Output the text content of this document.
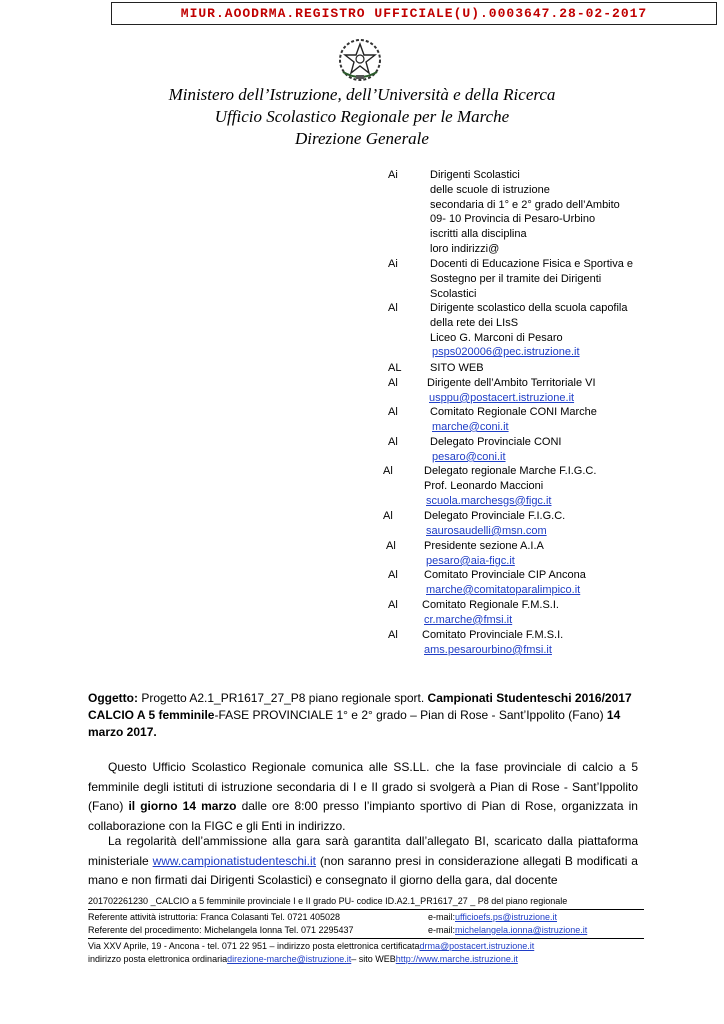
MIUR.AOODRMA.REGISTRO UFFICIALE(U).0003647.28-02-2017
Ministero dell’Istruzione, dell’Università e della Ricerca
Ufficio Scolastico Regionale per le Marche
Direzione Generale
Ai	Dirigenti Scolastici
delle scuole di istruzione
secondaria di 1° e 2° grado dell’Ambito
09- 10 Provincia di Pesaro-Urbino
iscritti alla disciplina
loro indirizzi@
Ai	Docenti di Educazione Fisica e Sportiva e
Sostegno per il tramite dei Dirigenti
Scolastici
Al	Dirigente scolastico della scuola capofila
della rete dei LIsS
Liceo G. Marconi di Pesaro
psps020006@pec.istruzione.it
AL	SITO WEB
Al	Dirigente dell’Ambito Territoriale VI
usppu@postacert.istruzione.it
Al	Comitato Regionale CONI Marche
marche@coni.it
Al	Delegato Provinciale CONI
pesaro@coni.it
Al	Delegato regionale Marche F.I.G.C.
Prof. Leonardo Maccioni
scuola.marchesgs@figc.it
Al	Delegato Provinciale F.I.G.C.
saurosaudelli@msn.com
Al	Presidente sezione A.I.A
pesaro@aia-figc.it
Al	Comitato Provinciale CIP Ancona
marche@comitatoparalimpico.it
Al	Comitato Regionale F.M.S.I.
cr.marche@fmsi.it
Al	Comitato Provinciale F.M.S.I.
ams.pesarourbino@fmsi.it
Oggetto: Progetto A2.1_PR1617_27_P8 piano regionale sport. Campionati Studenteschi 2016/2017 CALCIO A 5 femminile-FASE PROVINCIALE 1° e 2° grado – Pian di Rose - Sant’Ippolito (Fano) 14 marzo 2017.
Questo Ufficio Scolastico Regionale comunica alle SS.LL. che la fase provinciale di calcio a 5 femminile degli istituti di istruzione secondaria di I e II grado si svolgerà a Pian di Rose - Sant’Ippolito (Fano) il giorno 14 marzo dalle ore 8:00 presso l’impianto sportivo di Pian di Rose, organizzata in collaborazione con la FIGC e gli Enti in indirizzo.
La regolarità dell’ammissione alla gara sarà garantita dall’allegato BI, scaricato dalla piattaforma ministeriale www.campionatistudenteschi.it (non saranno presi in considerazione allegati B modificati a mano e non firmati dai Dirigenti Scolastici) e consegnato il giorno della gara, dal docente
201702261230 _CALCIO a 5 femminile provinciale I e II grado PU- codice ID.A2.1_PR1617_27 _ P8 del piano regionale
Referente attività istruttoria: Franca Colasanti Tel. 0721 405028	e-mail: ufficioefs.ps@istruzione.it
Referente del procedimento: Michelangela Ionna Tel. 071 2295437	e-mail: michelangela.ionna@istruzione.it
Via XXV Aprile, 19 - Ancona - tel. 071 22 951 – indirizzo posta elettronica certificata drma@postacert.istruzione.it
indirizzo posta elettronica ordinaria direzione-marche@istruzione.it – sito WEB http://www.marche.istruzione.it
